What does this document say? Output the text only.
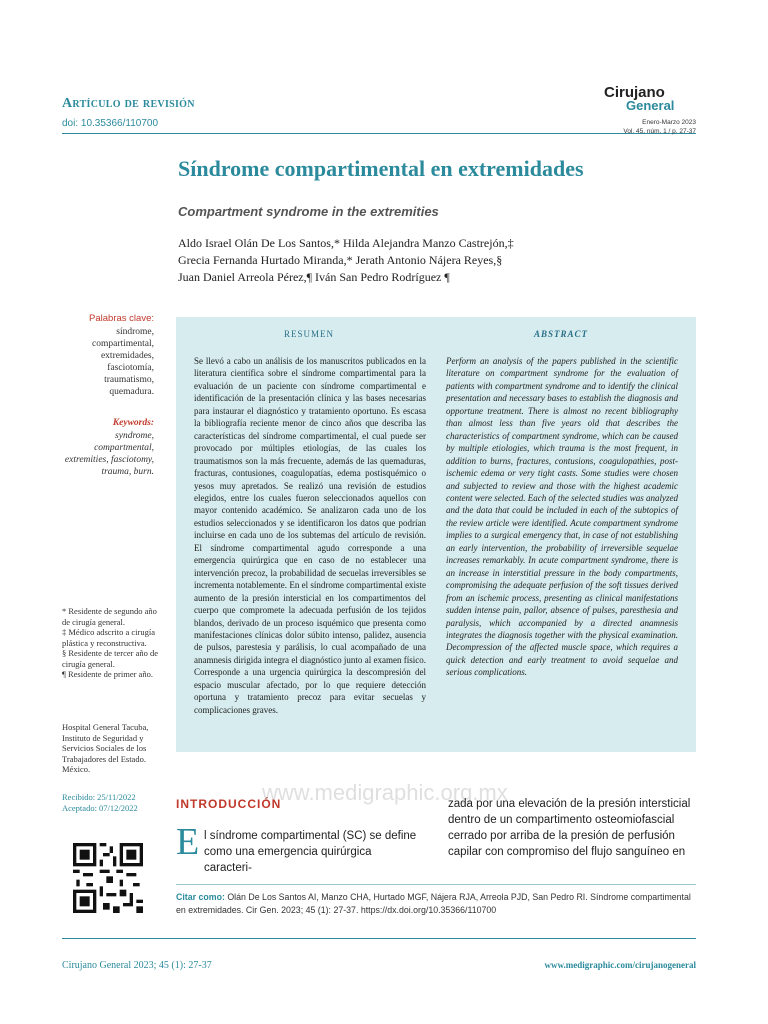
Artículo de revisión
doi: 10.35366/110700
Cirujano
General
Enero-Marzo 2023
Vol. 45, núm. 1 / p. 27-37
Síndrome compartimental en extremidades
Compartment syndrome in the extremities
Aldo Israel Olán De Los Santos,* Hilda Alejandra Manzo Castrejón,‡
Grecia Fernanda Hurtado Miranda,* Jerath Antonio Nájera Reyes,§
Juan Daniel Arreola Pérez,¶ Iván San Pedro Rodríguez ¶
Palabras clave:
síndrome, compartimental, extremidades, fasciotomía, traumatismo, quemadura.
Keywords:
syndrome, compartmental, extremities, fasciotomy, trauma, burn.
* Residente de segundo año de cirugía general.
‡ Médico adscrito a cirugía plástica y reconstructiva.
§ Residente de tercer año de cirugía general.
¶ Residente de primer año.
Hospital General Tacuba, Instituto de Seguridad y Servicios Sociales de los Trabajadores del Estado. México.
Recibido: 25/11/2022
Aceptado: 07/12/2022
RESUMEN	ABSTRACT
Se llevó a cabo un análisis de los manuscritos publicados en la literatura científica sobre el síndrome compartimental para la evaluación de un paciente con síndrome compartimental e identificación de la presentación clínica y las bases necesarias para instaurar el diagnóstico y tratamiento oportuno. Es escasa la bibliografía reciente menor de cinco años que describa las características del síndrome compartimental, el cual puede ser provocado por múltiples etiologías, de las cuales los traumatismos son la más frecuente, además de las quemaduras, fracturas, contusiones, coagulopatías, edema postisquémico o yesos muy apretados. Se realizó una revisión de estudios elegidos, entre los cuales fueron seleccionados aquellos con mayor contenido académico. Se analizaron cada uno de los estudios seleccionados y se identificaron los datos que podrían incluirse en cada uno de los subtemas del artículo de revisión. El síndrome compartimental agudo corresponde a una emergencia quirúrgica que en caso de no establecer una intervención precoz, la probabilidad de secuelas irreversibles se incrementa notablemente. En el síndrome compartimental existe aumento de la presión intersticial en los compartimentos del cuerpo que compromete la adecuada perfusión de los tejidos blandos, derivado de un proceso isquémico que presenta como manifestaciones clínicas dolor súbito intenso, palidez, ausencia de pulsos, parestesia y parálisis, lo cual acompañado de una anamnesis dirigida integra el diagnóstico junto al examen físico. Corresponde a una urgencia quirúrgica la descompresión del espacio muscular afectado, por lo que requiere detección oportuna y tratamiento precoz para evitar secuelas y complicaciones graves.
Perform an analysis of the papers published in the scientific literature on compartment syndrome for the evaluation of patients with compartment syndrome and to identify the clinical presentation and necessary bases to establish the diagnosis and opportune treatment. There is almost no recent bibliography than almost less than five years old that describes the characteristics of compartment syndrome, which can be caused by multiple etiologies, which trauma is the most frequent, in addition to burns, fractures, contusions, coagulopathies, post-ischemic edema or very tight casts. Some studies were chosen and subjected to review and those with the highest academic content were selected. Each of the selected studies was analyzed and the data that could be included in each of the subtopics of the review article were identified. Acute compartment syndrome implies to a surgical emergency that, in case of not establishing an early intervention, the probability of irreversible sequelae increases remarkably. In acute compartment syndrome, there is an increase in interstitial pressure in the body compartments, compromising the adequate perfusion of the soft tissues derived from an ischemic process, presenting as clinical manifestations sudden intense pain, pallor, absence of pulses, paresthesia and paralysis, which accompanied by a directed anamnesis integrates the diagnosis together with the physical examination. Decompression of the affected muscle space, which requires a quick detection and early treatment to avoid sequelae and serious complications.
www.medigraphic.org.mx
INTRODUCCIÓN
E l síndrome compartimental (SC) se define como una emergencia quirúrgica caracteri-
zada por una elevación de la presión intersticial dentro de un compartimento osteomiofascial cerrado por arriba de la presión de perfusión capilar con compromiso del flujo sanguíneo en
Citar como: Olán De Los Santos AI, Manzo CHA, Hurtado MGF, Nájera RJA, Arreola PJD, San Pedro RI. Síndrome compartimental en extremidades. Cir Gen. 2023; 45 (1): 27-37. https://dx.doi.org/10.35366/110700
Cirujano General 2023; 45 (1): 27-37	www.medigraphic.com/cirujanogeneral
